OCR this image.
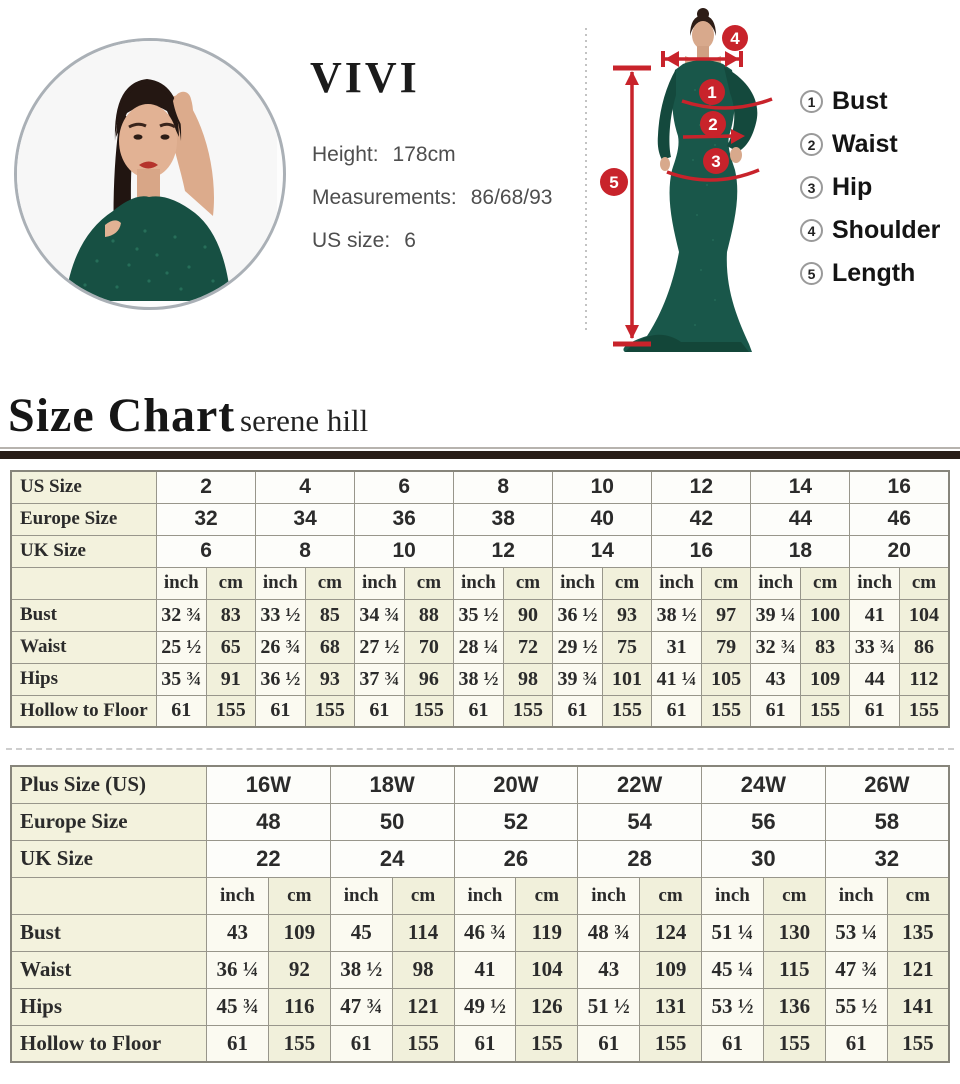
VIVI
Height: 178cm
Measurements: 86/68/93
US size: 6
5
4
1
2
3
1 Bust
2 Waist
3 Hip
4 Shoulder
5 Length
Size Chart serene hill
US Size	2		4		6		8		10		12		14		16	
Europe Size	32		34		36		38		40		42		44		46	
UK Size	6		8		10		12		14		16		18		20	
	inch	cm	inch	cm	inch	cm	inch	cm	inch	cm	inch	cm	inch	cm	inch	cm
Bust	32 ¾	83	33 ½	85	34 ¾	88	35 ½	90	36 ½	93	38 ½	97	39 ¼	100	41	104
Waist	25 ½	65	26 ¾	68	27 ½	70	28 ¼	72	29 ½	75	31	79	32 ¾	83	33 ¾	86
Hips	35 ¾	91	36 ½	93	37 ¾	96	38 ½	98	39 ¾	101	41 ¼	105	43	109	44	112
Hollow to Floor	61	155	61	155	61	155	61	155	61	155	61	155	61	155	61	155
Plus Size (US)	16W		18W		20W		22W		24W		26W	
Europe Size	48		50		52		54		56		58	
UK Size	22		24		26		28		30		32	
	inch	cm	inch	cm	inch	cm	inch	cm	inch	cm	inch	cm
Bust	43	109	45	114	46 ¾	119	48 ¾	124	51 ¼	130	53 ¼	135
Waist	36 ¼	92	38 ½	98	41	104	43	109	45 ¼	115	47 ¾	121
Hips	45 ¾	116	47 ¾	121	49 ½	126	51 ½	131	53 ½	136	55 ½	141
Hollow to Floor	61	155	61	155	61	155	61	155	61	155	61	155
